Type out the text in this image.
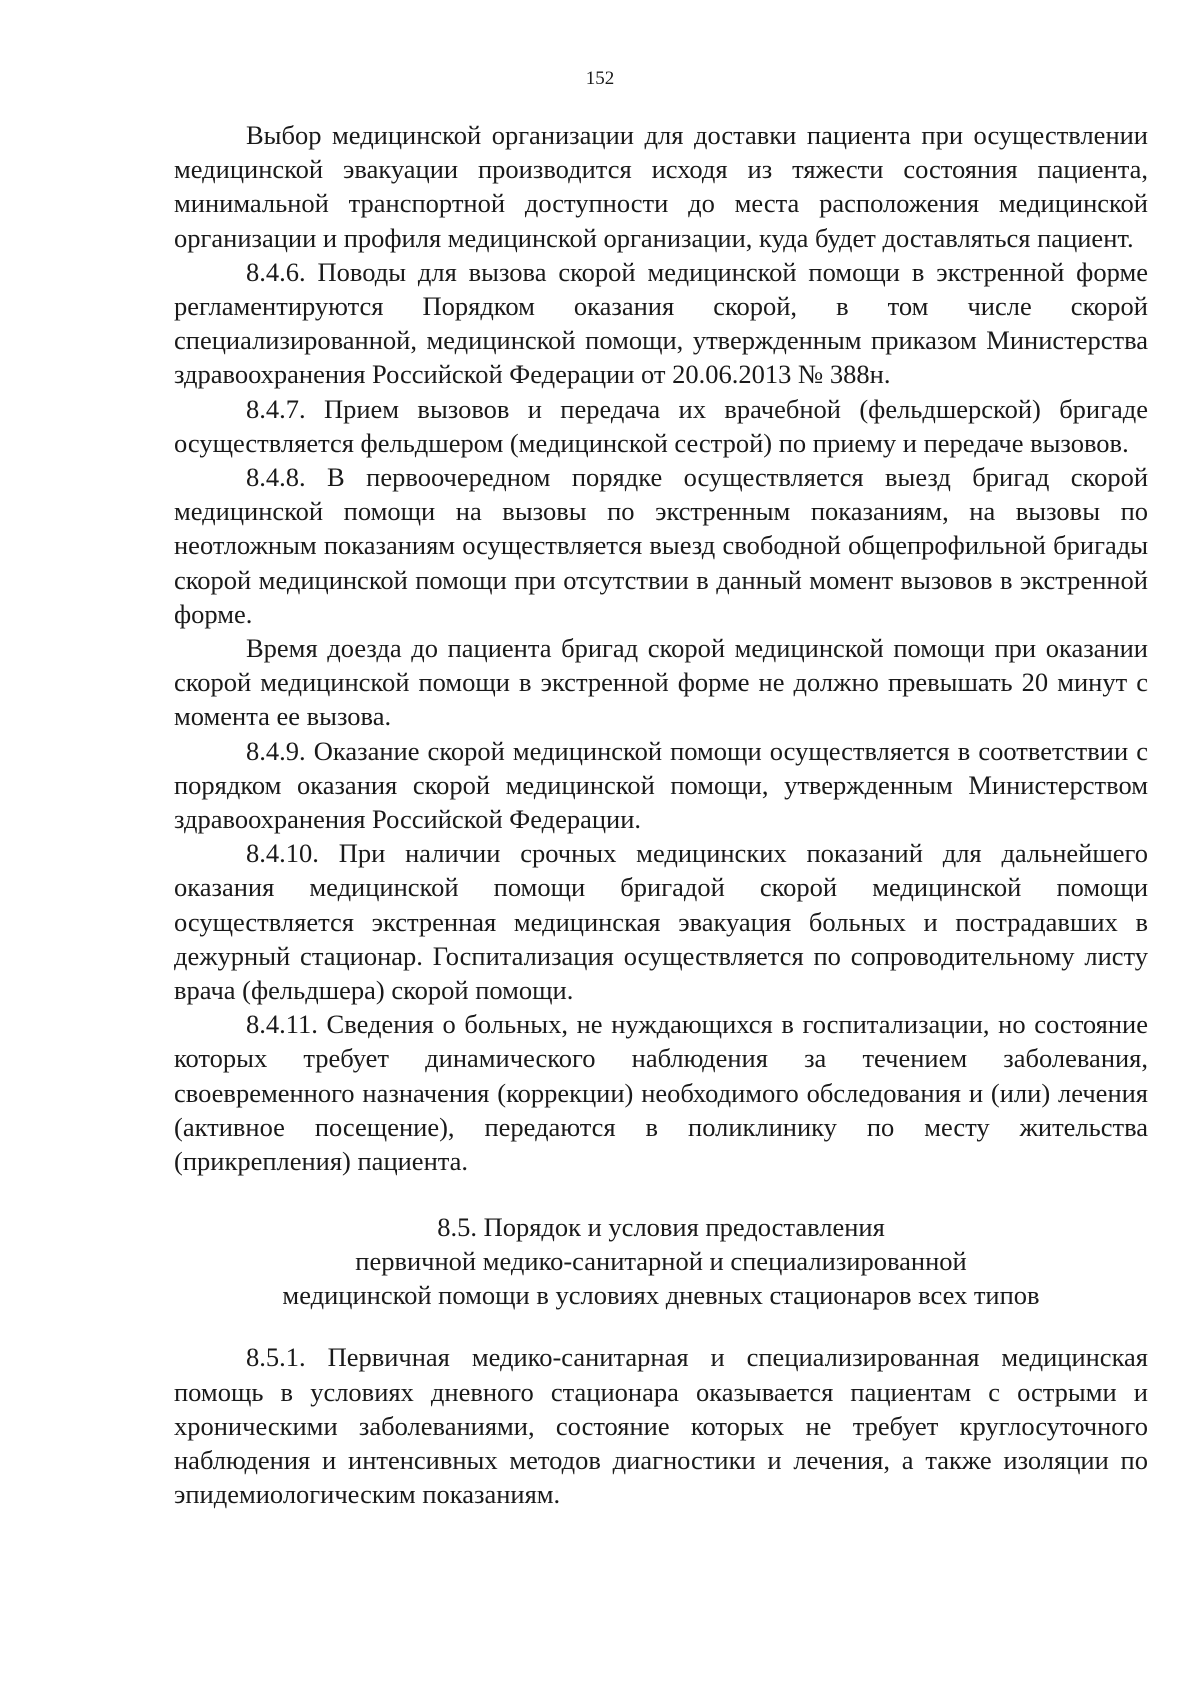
152

Выбор медицинской организации для доставки пациента при осуществлении медицинской эвакуации производится исходя из тяжести состояния пациента, минимальной транспортной доступности до места расположения медицинской организации и профиля медицинской организации, куда будет доставляться пациент.

8.4.6. Поводы для вызова скорой медицинской помощи в экстренной форме регламентируются Порядком оказания скорой, в том числе скорой специализированной, медицинской помощи, утвержденным приказом Министерства здравоохранения Российской Федерации от 20.06.2013 № 388н.

8.4.7. Прием вызовов и передача их врачебной (фельдшерской) бригаде осуществляется фельдшером (медицинской сестрой) по приему и передаче вызовов.

8.4.8. В первоочередном порядке осуществляется выезд бригад скорой медицинской помощи на вызовы по экстренным показаниям, на вызовы по неотложным показаниям осуществляется выезд свободной общепрофильной бригады скорой медицинской помощи при отсутствии в данный момент вызовов в экстренной форме.

Время доезда до пациента бригад скорой медицинской помощи при оказании скорой медицинской помощи в экстренной форме не должно превышать 20 минут с момента ее вызова.

8.4.9. Оказание скорой медицинской помощи осуществляется в соответствии с порядком оказания скорой медицинской помощи, утвержденным Министерством здравоохранения Российской Федерации.

8.4.10. При наличии срочных медицинских показаний для дальнейшего оказания медицинской помощи бригадой скорой медицинской помощи осуществляется экстренная медицинская эвакуация больных и пострадавших в дежурный стационар. Госпитализация осуществляется по сопроводительному листу врача (фельдшера) скорой помощи.

8.4.11. Сведения о больных, не нуждающихся в госпитализации, но состояние которых требует динамического наблюдения за течением заболевания, своевременного назначения (коррекции) необходимого обследования и (или) лечения (активное посещение), передаются в поликлинику по месту жительства (прикрепления) пациента.

8.5. Порядок и условия предоставления
первичной медико-санитарной и специализированной
медицинской помощи в условиях дневных стационаров всех типов

8.5.1. Первичная медико-санитарная и специализированная медицинская помощь в условиях дневного стационара оказывается пациентам с острыми и хроническими заболеваниями, состояние которых не требует круглосуточного наблюдения и интенсивных методов диагностики и лечения, а также изоляции по эпидемиологическим показаниям.
